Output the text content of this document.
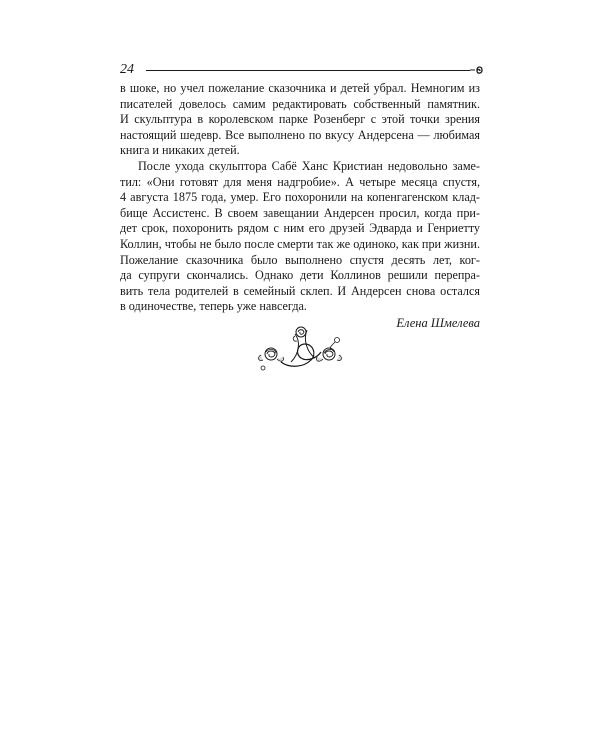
24
в шоке, но учел пожелание сказочника и детей убрал. Немногим из
писателей довелось самим редактировать собственный памятник.
И скульптура в королевском парке Розенберг с этой точки зрения
настоящий шедевр. Все выполнено по вкусу Андерсена — любимая
книга и никаких детей.
После ухода скульптора Сабё Ханс Кристиан недовольно заме-
тил: «Они готовят для меня надгробие». А четыре месяца спустя,
4 августа 1875 года, умер. Его похоронили на копенгагенском клад-
бище Ассистенс. В своем завещании Андерсен просил, когда при-
дет срок, похоронить рядом с ним его друзей Эдварда и Генриетту
Коллин, чтобы не было после смерти так же одиноко, как при жизни.
Пожелание сказочника было выполнено спустя десять лет, ког-
да супруги скончались. Однако дети Коллинов решили перепра-
вить тела родителей в семейный склеп. И Андерсен снова остался
в одиночестве, теперь уже навсегда.
Елена Шмелева
